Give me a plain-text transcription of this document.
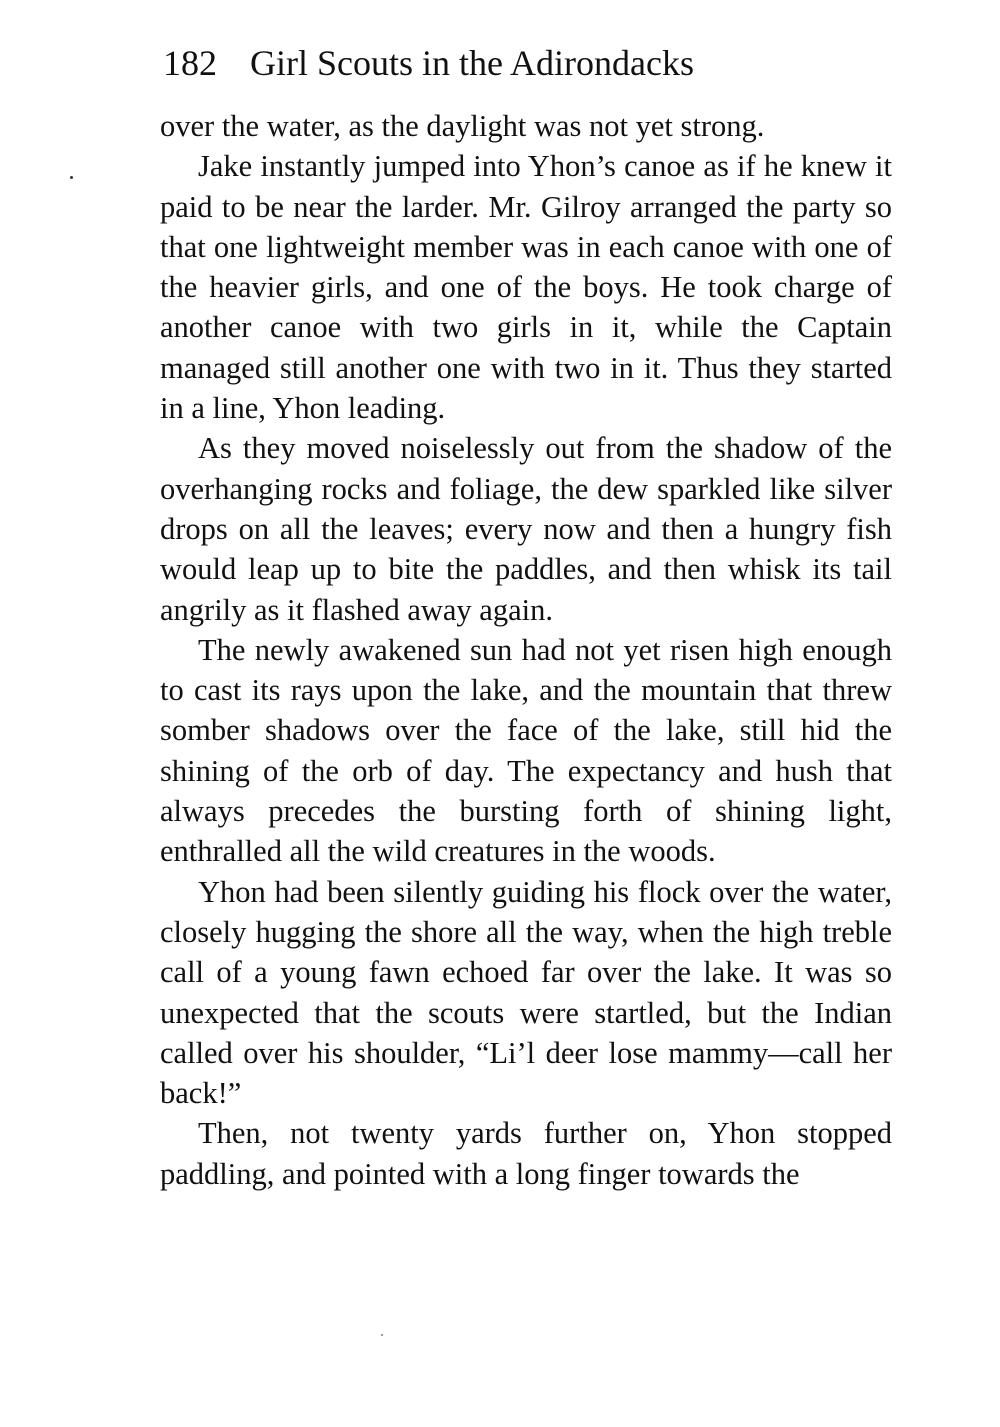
182 Girl Scouts in the Adirondacks

over the water, as the daylight was not yet strong.

Jake instantly jumped into Yhon’s canoe as if he knew it paid to be near the larder. Mr. Gilroy arranged the party so that one lightweight member was in each canoe with one of the heavier girls, and one of the boys. He took charge of another canoe with two girls in it, while the Captain managed still another one with two in it. Thus they started in a line, Yhon leading.

As they moved noiselessly out from the shadow of the overhanging rocks and foliage, the dew sparkled like silver drops on all the leaves; every now and then a hungry fish would leap up to bite the paddles, and then whisk its tail angrily as it flashed away again.

The newly awakened sun had not yet risen high enough to cast its rays upon the lake, and the mountain that threw somber shadows over the face of the lake, still hid the shining of the orb of day. The expectancy and hush that always precedes the bursting forth of shining light, enthralled all the wild creatures in the woods.

Yhon had been silently guiding his flock over the water, closely hugging the shore all the way, when the high treble call of a young fawn echoed far over the lake. It was so unexpected that the scouts were startled, but the Indian called over his shoulder, “Li’l deer lose mammy—call her back!”

Then, not twenty yards further on, Yhon stopped paddling, and pointed with a long finger towards the
